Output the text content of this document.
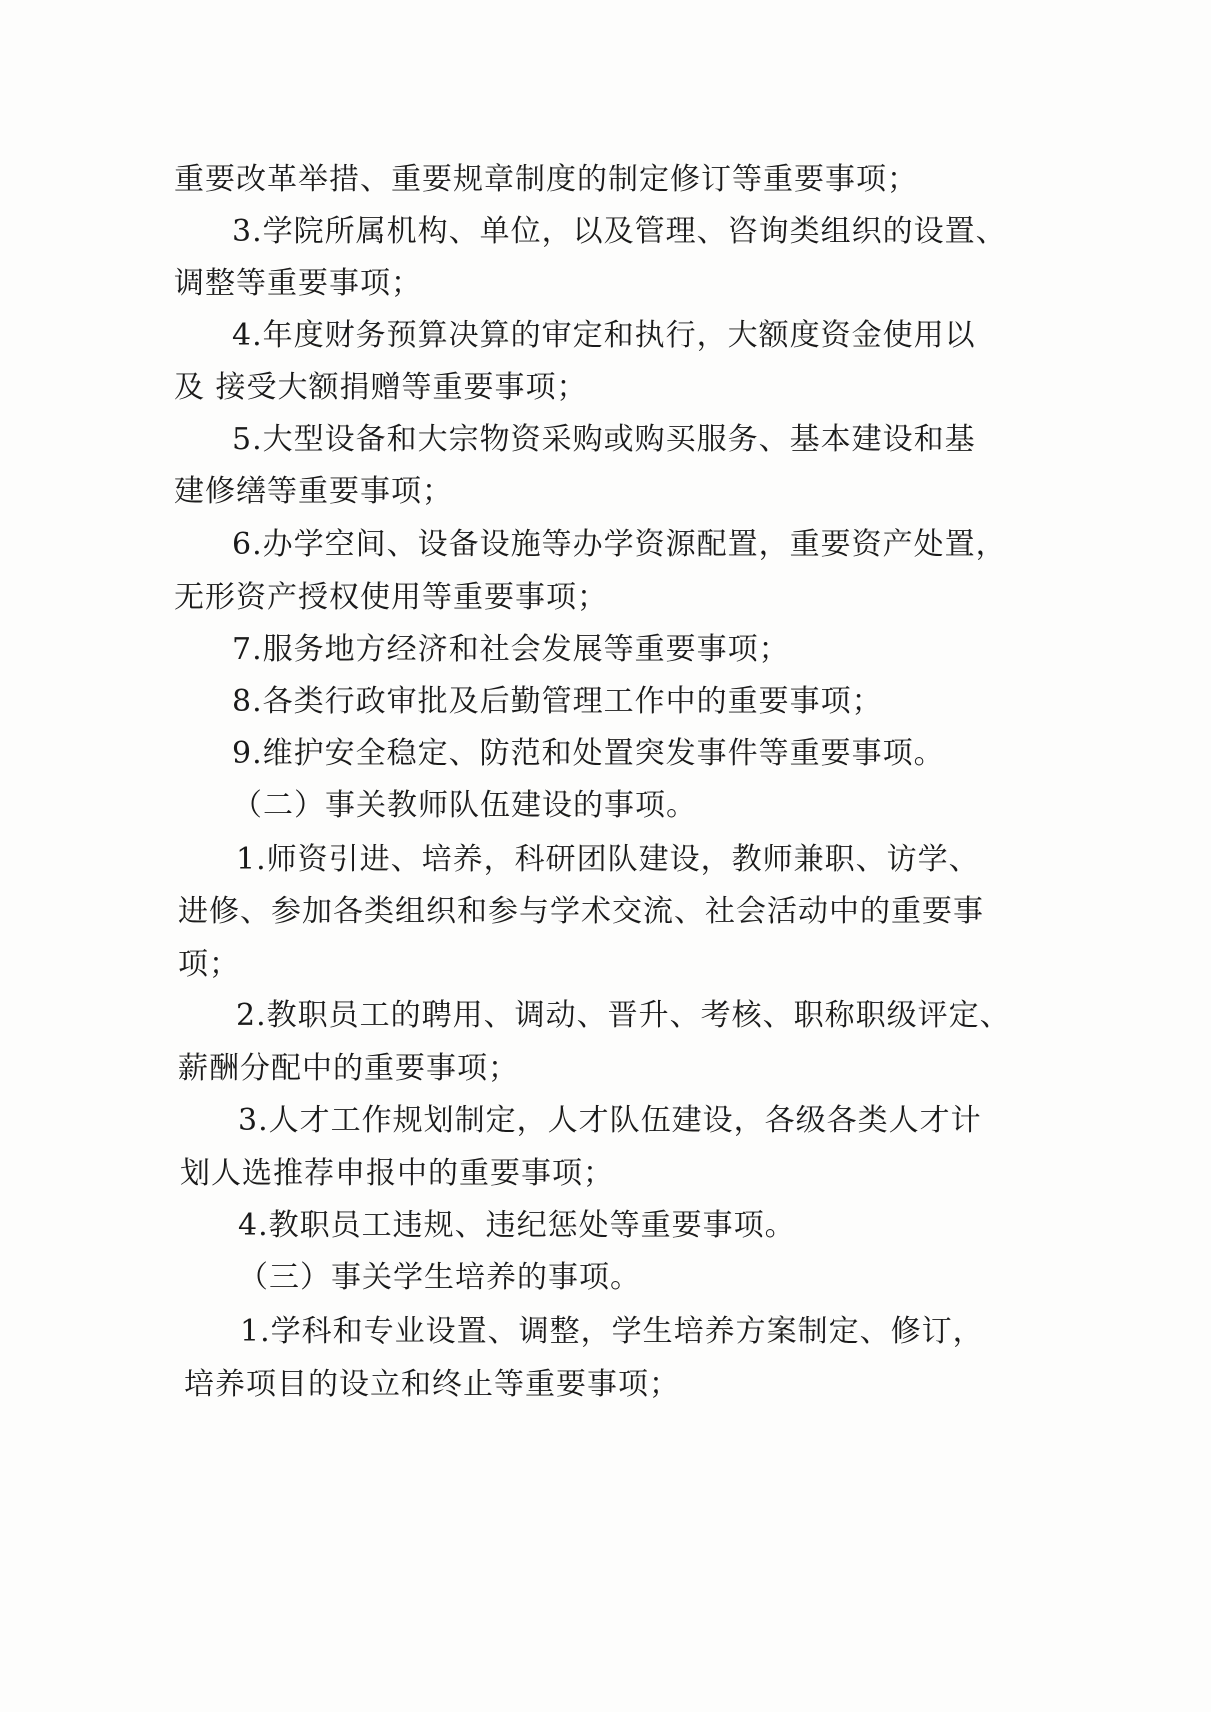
重要改革举措、重要规章制度的制定修订等重要事项；
3.学院所属机构、单位，以及管理、咨询类组织的设置、
调整等重要事项；
4.年度财务预算决算的审定和执行，大额度资金使用以
及 接受大额捐赠等重要事项；
5.大型设备和大宗物资采购或购买服务、基本建设和基
建修缮等重要事项；
6.办学空间、设备设施等办学资源配置，重要资产处置，
无形资产授权使用等重要事项；
7.服务地方经济和社会发展等重要事项；
8.各类行政审批及后勤管理工作中的重要事项；
9.维护安全稳定、防范和处置突发事件等重要事项。
（二）事关教师队伍建设的事项。
1.师资引进、培养，科研团队建设，教师兼职、访学、
进修、参加各类组织和参与学术交流、社会活动中的重要事
项；
2.教职员工的聘用、调动、晋升、考核、职称职级评定、
薪酬分配中的重要事项；
3.人才工作规划制定，人才队伍建设，各级各类人才计
划人选推荐申报中的重要事项；
4.教职员工违规、违纪惩处等重要事项。
（三）事关学生培养的事项。
1.学科和专业设置、调整，学生培养方案制定、修订，
培养项目的设立和终止等重要事项；
